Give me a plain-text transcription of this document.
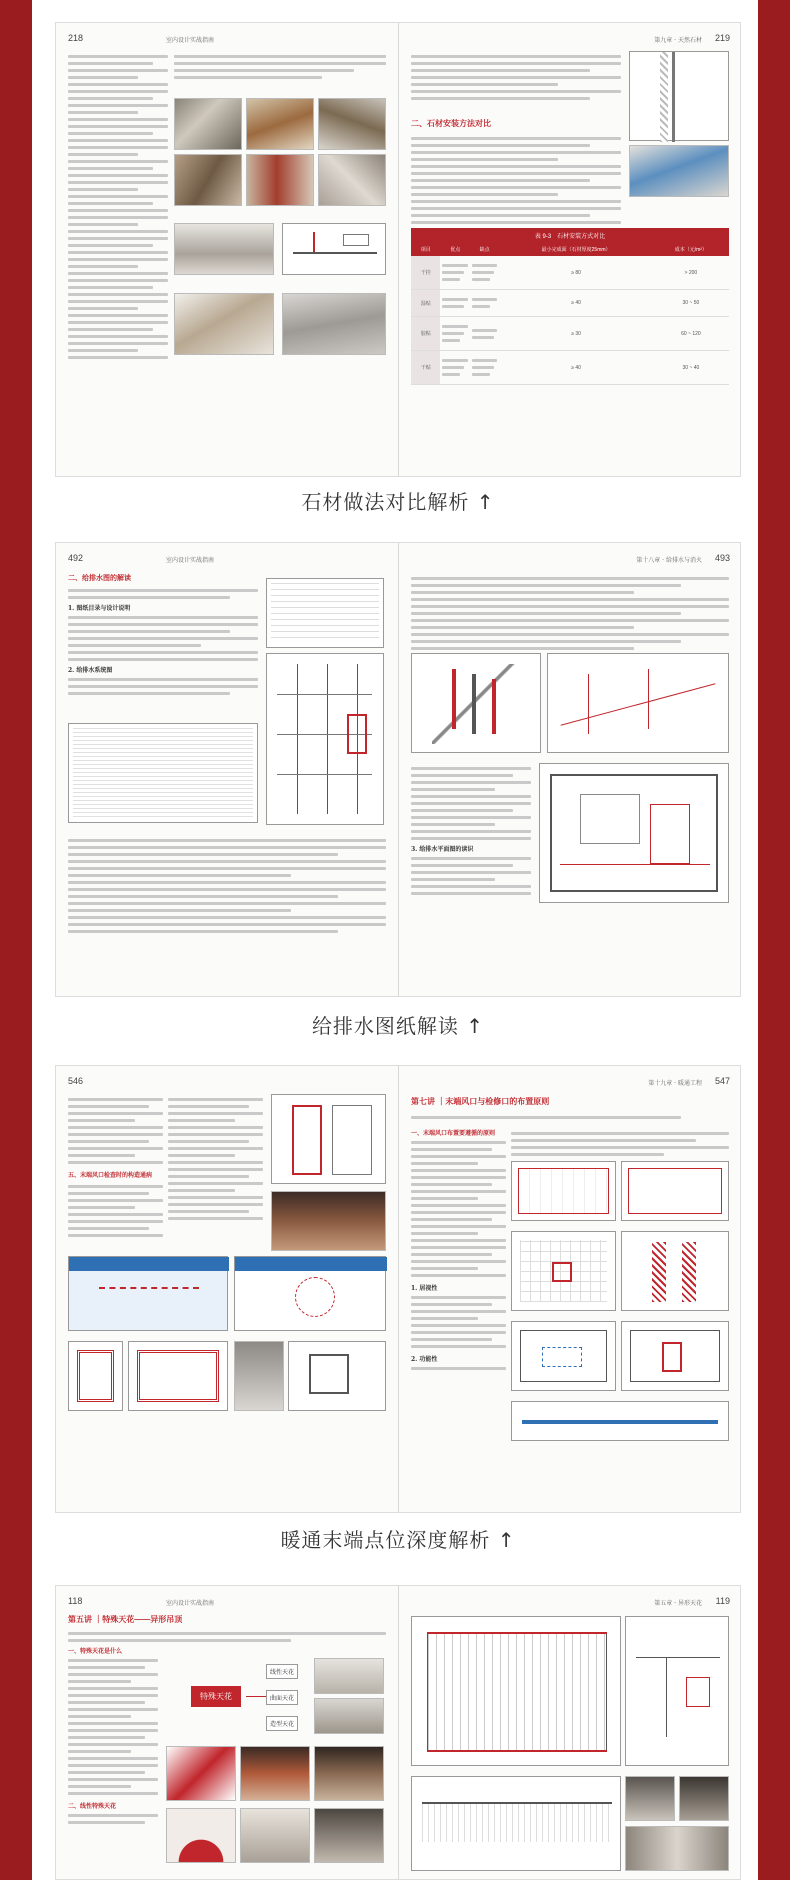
218	室内设计实战指南	219
第九章 · 天然石材
二、石材安装方法对比
表 9-3　石材安装方式对比
项目	优点	缺点	最小完成面（石材厚度25mm）	成本（元/m²）
干挂			≥ 80	> 200
湿贴			≥ 40	30 ~ 50
胶粘			≥ 30	60 ~ 120
干贴			≥ 40	30 ~ 40
石材做法对比解析 ↑
492	室内设计实战指南
二、给排水图的解读
1. 图纸目录与设计说明
2. 给排水系统图
493
第十八章 · 给排水与消火
3. 给排水平面图的读识
给排水图纸解读 ↑
546
五、末端风口检查时的构造通病
547
第十九章 · 暖通工程
第七讲 ｜末端风口与检修口的布置原则
一、末端风口布置要遵循的原则
1. 居视性
2. 功能性
暖通末端点位深度解析 ↑
118	室内设计实战指南
第五讲 ｜特殊天花——异形吊顶
一、特殊天花是什么
二、线性特殊天花
特殊天花
线性天花
曲面天花
造型天花
119
第五章 · 异形天花
